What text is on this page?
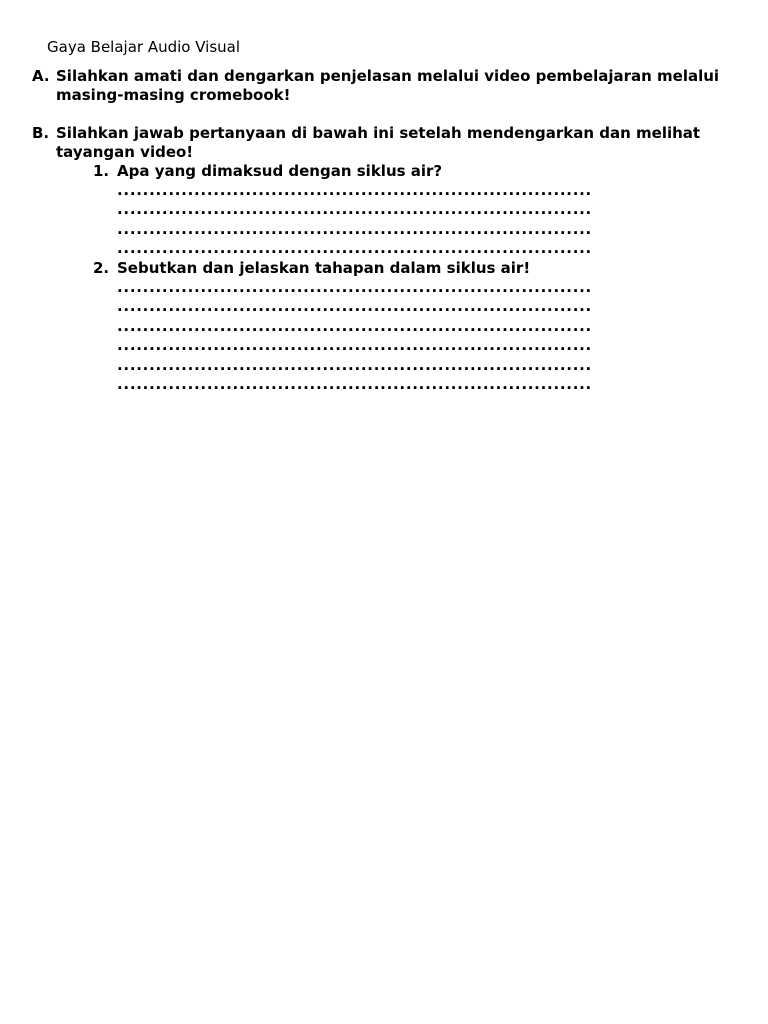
Gaya Belajar Audio Visual
A. Silahkan amati dan dengarkan penjelasan melalui video pembelajaran melalui masing-masing cromebook!
B. Silahkan jawab pertanyaan di bawah ini setelah mendengarkan dan melihat tayangan video!
1. Apa yang dimaksud dengan siklus air?
..........................................................................
..........................................................................
..........................................................................
..........................................................................
2. Sebutkan dan jelaskan tahapan dalam siklus air!
..........................................................................
..........................................................................
..........................................................................
..........................................................................
..........................................................................
..........................................................................
